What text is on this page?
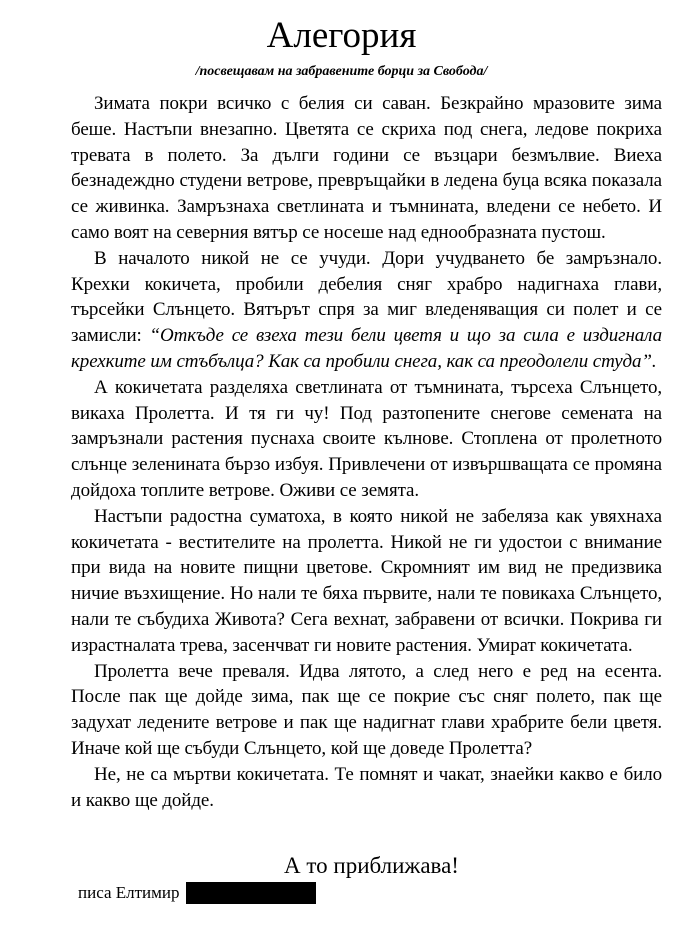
Алегория
/посвещавам на забравените борци за Свобода/

Зимата покри всичко с белия си саван. Безкрайно мразовите зима беше. Настъпи внезапно. Цветята се скриха под снега, ледове покриха тревата в полето. За дълги години се възцари безмълвие. Виеха безнадеждно студени ветрове, превръщайки в ледена буца всяка показала се живинка. Замръзнаха светлината и тъмнината, вледени се небето. И само воят на северния вятър се носеше над еднообразната пустош.

В началото никой не се учуди. Дори учудването бе замръзнало. Крехки кокичета, пробили дебелия сняг храбро надигнаха глави, търсейки Слънцето. Вятърът спря за миг вледеняващия си полет и се замисли: “Откъде се взеха тези бели цветя и що за сила е издигнала крехките им стъбълца? Как са пробили снега, как са преодолели студа”.

А кокичетата разделяха светлината от тъмнината, търсеха Слънцето, викаха Пролетта. И тя ги чу! Под разтопените снегове семената на замръзнали растения пуснаха своите кълнове. Стоплена от пролетното слънце зеленината бързо избуя. Привлечени от извършващата се промяна дойдоха топлите ветрове. Оживи се земята.

Настъпи радостна суматоха, в която никой не забеляза как увяхнаха кокичетата - вестителите на пролетта. Никой не ги удостои с внимание при вида на новите пищни цветове. Скромният им вид не предизвика ничие възхищение. Но нали те бяха първите, нали те повикаха Слънцето, нали те събудиха Живота? Сега вехнат, забравени от всички. Покрива ги израстналата трева, засенчват ги новите растения. Умират кокичетата.

Пролетта вече преваля. Идва лятото, а след него е ред на есента. После пак ще дойде зима, пак ще се покрие със сняг полето, пак ще задухат ледените ветрове и пак ще надигнат глави храбрите бели цветя. Иначе кой ще събуди Слънцето, кой ще доведе Пролетта?

Не, не са мъртви кокичетата. Те помнят и чакат, знаейки какво е било и какво ще дойде.

А то приближава!
писа Елтимир
